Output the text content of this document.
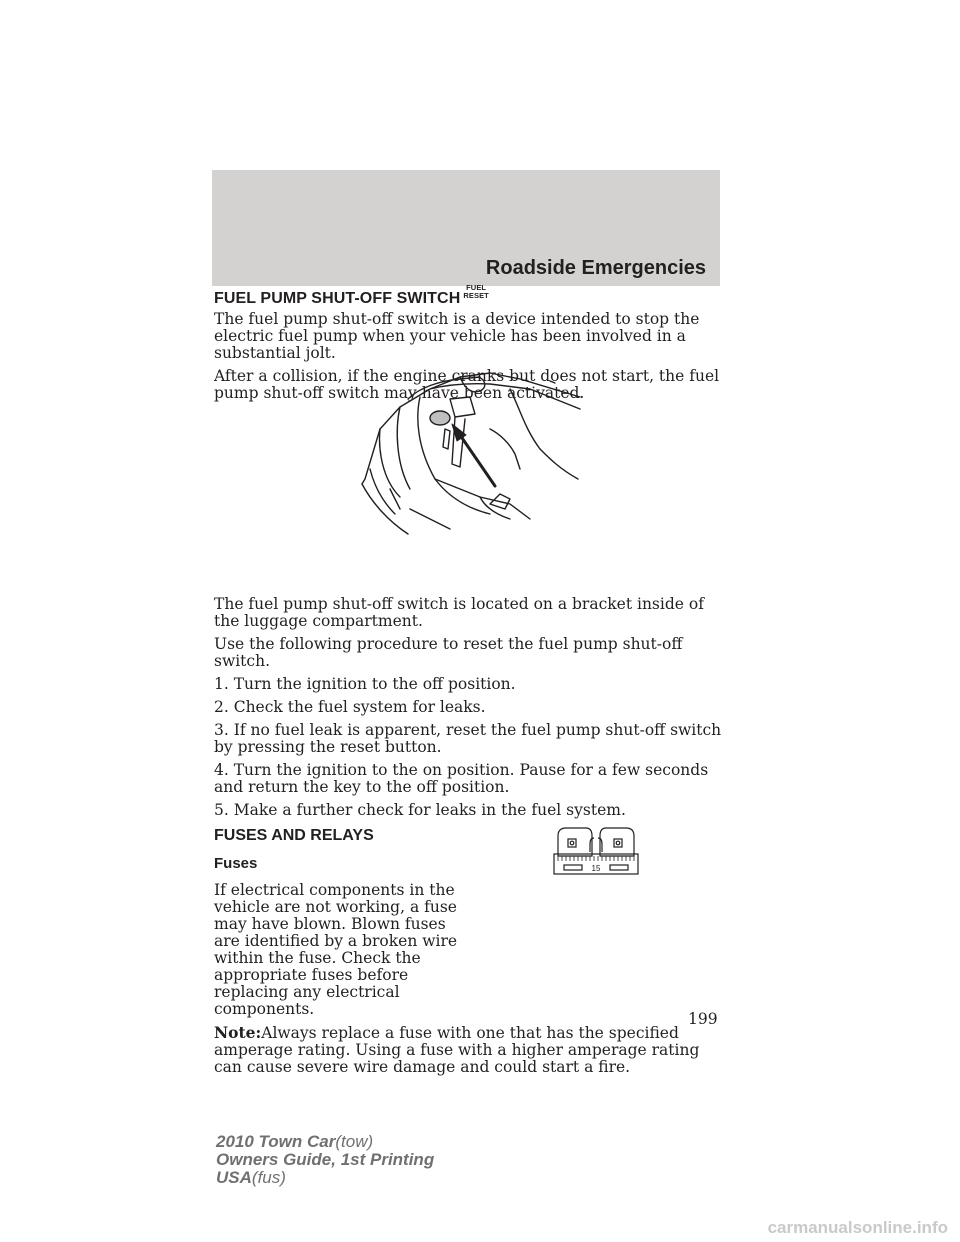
Roadside Emergencies
FUEL PUMP SHUT-OFF SWITCH
FUEL
RESET

The fuel pump shut-off switch is a device intended to stop the electric fuel pump when your vehicle has been involved in a substantial jolt.

After a collision, if the engine cranks but does not start, the fuel pump shut-off switch may have been activated.

The fuel pump shut-off switch is located on a bracket inside of the luggage compartment.

Use the following procedure to reset the fuel pump shut-off switch.

1. Turn the ignition to the off position.

2. Check the fuel system for leaks.

3. If no fuel leak is apparent, reset the fuel pump shut-off switch by pressing the reset button.

4. Turn the ignition to the on position. Pause for a few seconds and return the key to the off position.

5. Make a further check for leaks in the fuel system.

FUSES AND RELAYS
Fuses

If electrical components in the vehicle are not working, a fuse may have blown. Blown fuses are identified by a broken wire within the fuse. Check the appropriate fuses before replacing any electrical components.

Note:Always replace a fuse with one that has the specified amperage rating. Using a fuse with a higher amperage rating can cause severe wire damage and could start a fire.

15
199
2010 Town Car(tow)
Owners Guide, 1st Printing
USA(fus)
carmanualsonline.info
